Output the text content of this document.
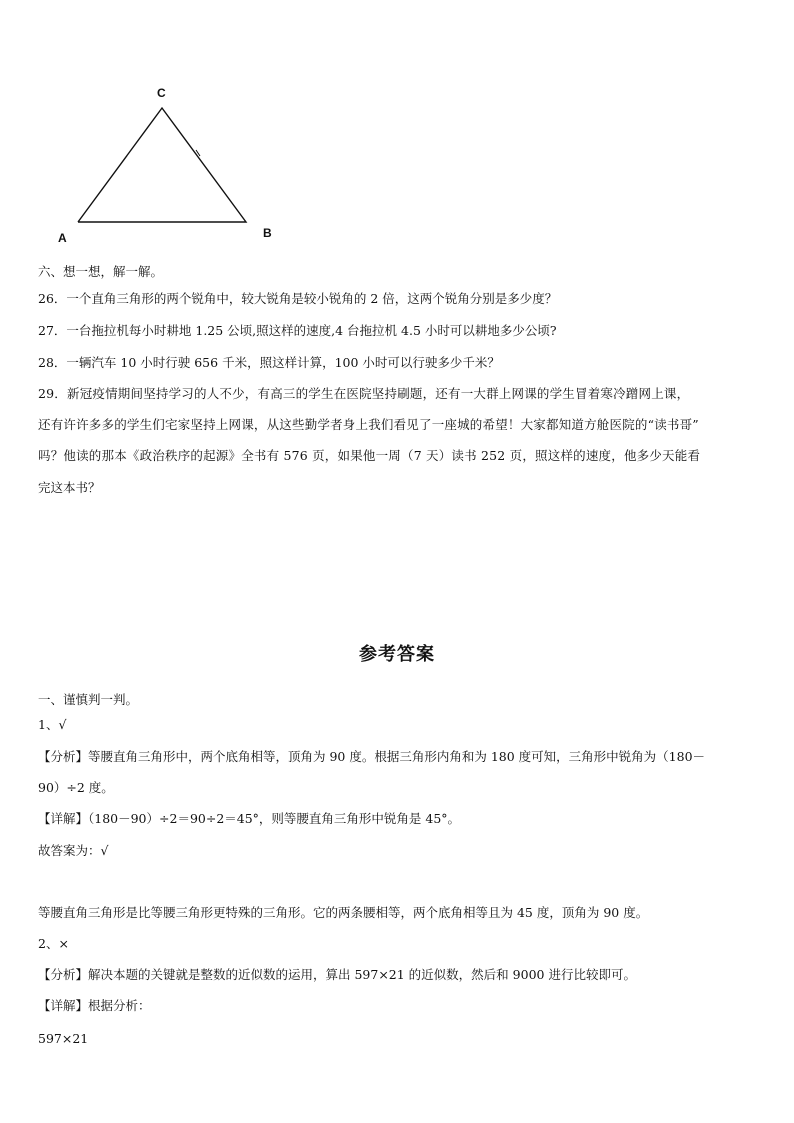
C
A	B
六、想一想，解一解。
26．一个直角三角形的两个锐角中，较大锐角是较小锐角的 2 倍，这两个锐角分别是多少度？
27．一台拖拉机每小时耕地 1.25 公顷,照这样的速度,4 台拖拉机 4.5 小时可以耕地多少公顷?
28．一辆汽车 10 小时行驶 656 千米，照这样计算，100 小时可以行驶多少千米？
29．新冠疫情期间坚持学习的人不少，有高三的学生在医院坚持刷题，还有一大群上网课的学生冒着寒冷蹭网上课，
还有许许多多的学生们宅家坚持上网课，从这些勤学者身上我们看见了一座城的希望！大家都知道方舱医院的“读书哥”
吗？他读的那本《政治秩序的起源》全书有 576 页，如果他一周（7 天）读书 252 页，照这样的速度，他多少天能看
完这本书？
参考答案
一、谨慎判一判。
1、√
【分析】等腰直角三角形中，两个底角相等，顶角为 90 度。根据三角形内角和为 180 度可知，三角形中锐角为（180－
90）÷2 度。
【详解】（180－90）÷2＝90÷2＝45°，则等腰直角三角形中锐角是 45°。
故答案为：√
等腰直角三角形是比等腰三角形更特殊的三角形。它的两条腰相等，两个底角相等且为 45 度，顶角为 90 度。
2、×
【分析】解决本题的关键就是整数的近似数的运用，算出 597×21 的近似数，然后和 9000 进行比较即可。
【详解】根据分析：
597×21
